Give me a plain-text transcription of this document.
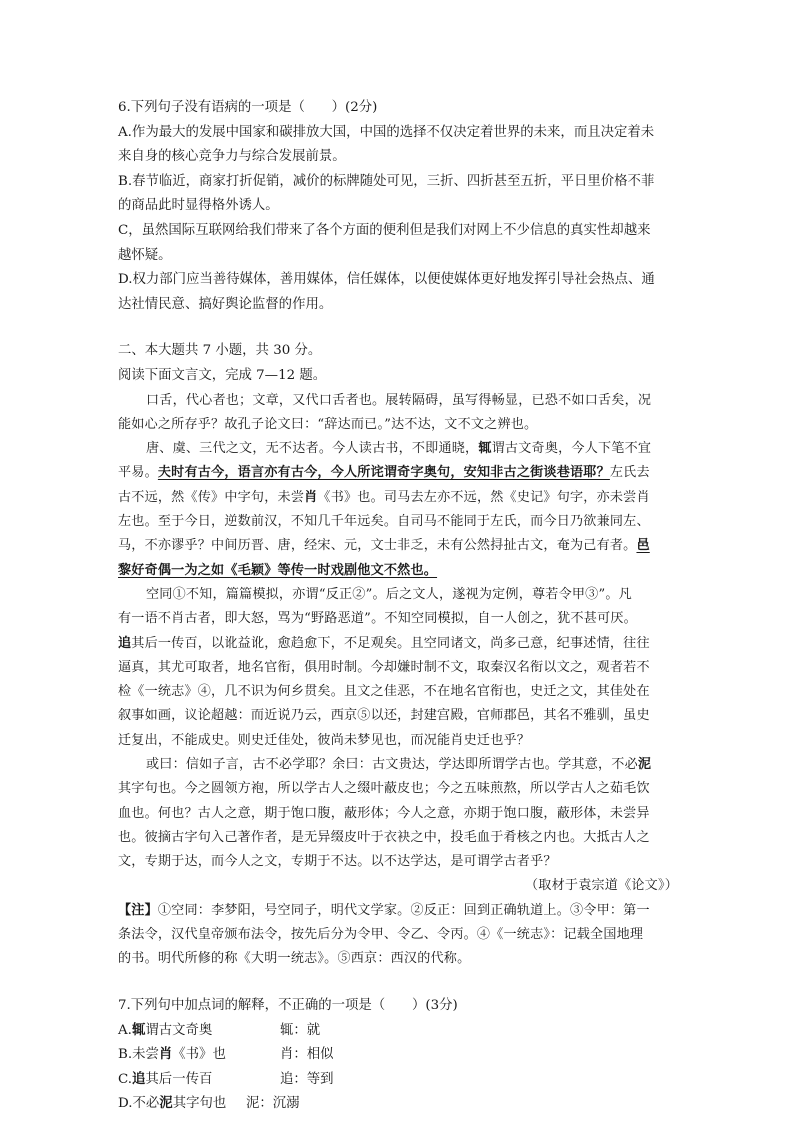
6.下列句子没有语病的一项是（　　）(2分)
A.作为最大的发展中国家和碳排放大国，中国的选择不仅决定着世界的未来，而且决定着未
来自身的核心竞争力与综合发展前景。
B.春节临近，商家打折促销，减价的标牌随处可见，三折、四折甚至五折，平日里价格不菲
的商品此时显得格外诱人。
C，虽然国际互联网给我们带来了各个方面的便利但是我们对网上不少信息的真实性却越来
越怀疑。
D.权力部门应当善待媒体，善用媒体，信任媒体，以便使媒体更好地发挥引导社会热点、通
达社情民意、搞好舆论监督的作用。
二、本大题共 7 小题，共 30 分。
阅读下面文言文，完成 7—12 题。
口舌，代心者也；文章，又代口舌者也。展转隔碍，虽写得畅显，已恐不如口舌矣，况
能如心之所存乎？故孔子论文曰：“辞达而已。”达不达，文不文之辨也。
唐、虞、三代之文，无不达者。今人读古书，不即通晓，辄谓古文奇奥，今人下笔不宜
平易。夫时有古今，语言亦有古今，今人所诧谓奇字奥句，安知非古之街谈巷语耶？左氏去
古不远，然《传》中字句，未尝肖《书》也。司马去左亦不远，然《史记》句字，亦未尝肖
左也。至于今日，逆数前汉，不知几千年远矣。自司马不能同于左氏，而今日乃欲兼同左、
马，不亦谬乎？中间历晋、唐，经宋、元，文士非乏，未有公然挦扯古文，奄为己有者。邑
黎好奇偶一为之如《毛颖》等传一时戏剧他文不然也。
空同①不知，篇篇模拟，亦谓“反正②”。后之文人，遂视为定例，尊若令甲③”。凡
有一语不肖古者，即大怒，骂为“野路恶道”。不知空同模拟，自一人创之，犹不甚可厌。
追其后一传百，以讹益讹，愈趋愈下，不足观矣。且空同诸文，尚多己意，纪事述情，往往
逼真，其尤可取者，地名官衔，俱用时制。今却嫌时制不文，取秦汉名衔以文之，观者若不
检《一统志》④，几不识为何乡贯矣。且文之佳恶，不在地名官衔也，史迁之文，其佳处在
叙事如画，议论超越：而近说乃云，西京⑤以还，封建宫殿，官师郡邑，其名不雅驯，虽史
迁复出，不能成史。则史迁佳处，彼尚未梦见也，而况能肖史迁也乎？
或曰：信如子言，古不必学耶？余曰：古文贵达，学达即所谓学古也。学其意，不必泥
其字句也。今之圆领方袍，所以学古人之缀叶蔽皮也；今之五味煎熬，所以学古人之茹毛饮
血也。何也？古人之意，期于饱口腹，蔽形体；今人之意，亦期于饱口腹，蔽形体，未尝异
也。彼摘古字句入己著作者，是无异缀皮叶于衣袂之中，投毛血于肴核之内也。大抵古人之
文，专期于达，而今人之文，专期于不达。以不达学达，是可谓学古者乎？
（取材于袁宗道《论文》）
【注】①空同：李梦阳，号空同子，明代文学家。②反正：回到正确轨道上。③令甲：第一
条法令，汉代皇帝颁布法令，按先后分为令甲、令乙、令丙。④《一统志》：记载全国地理
的书。明代所修的称《大明一统志》。⑤西京：西汉的代称。
7.下列句中加点词的解释，不正确的一项是（　　）(3分)
A.辄谓古文奇奥	辄：就
B.未尝肖《书》也	肖：相似
C.追其后一传百	追：等到
D.不必泥其字句也 泥：沉溺
